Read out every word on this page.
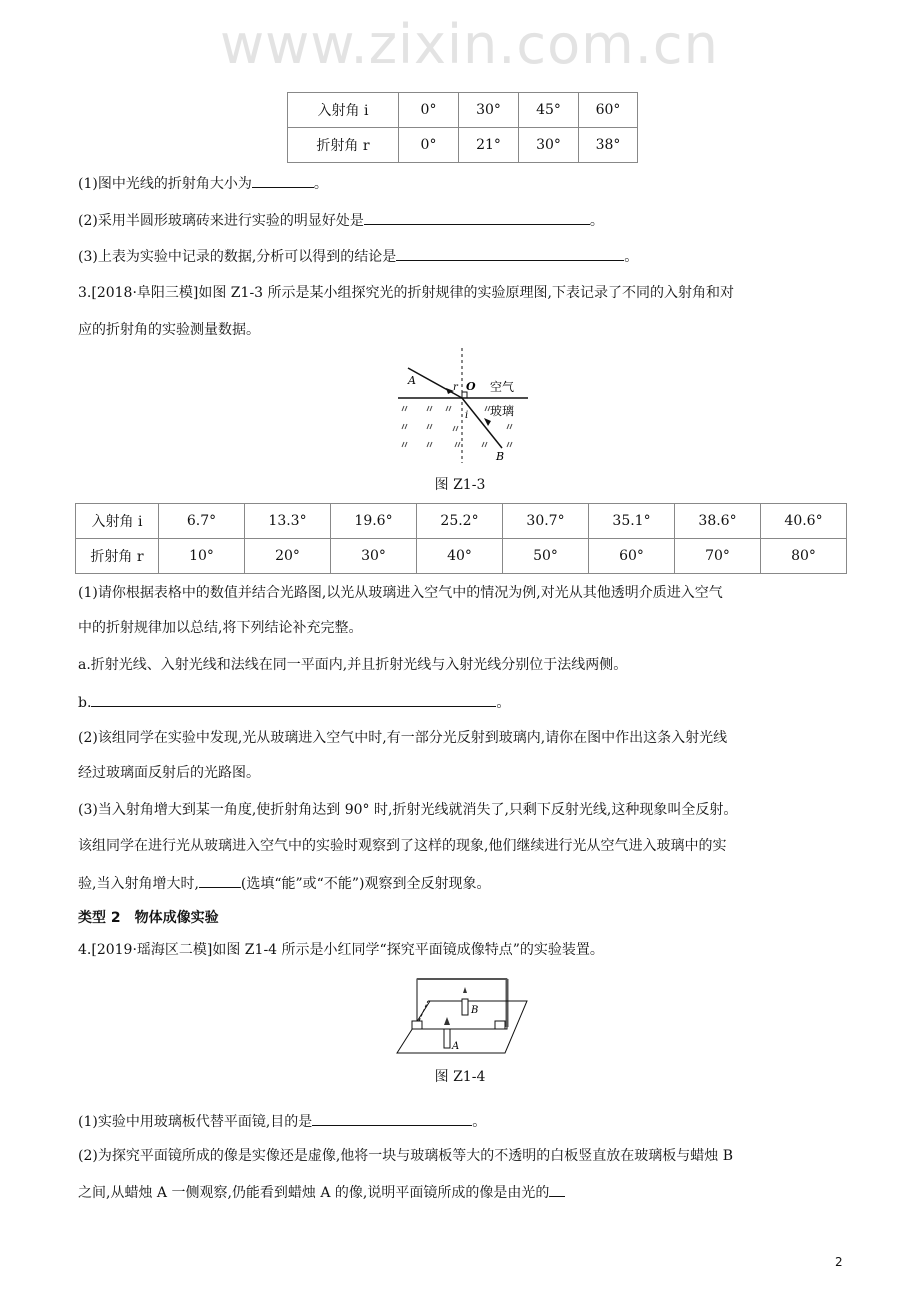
www.zixin.com.cn
入射角 i	0°	30°	45°	60°
折射角 r	0°	21°	30°	38°
(1)图中光线的折射角大小为	。
(2)采用半圆形玻璃砖来进行实验的明显好处是	。
(3)上表为实验中记录的数据,分析可以得到的结论是	。
3.[2018·阜阳三模]如图 Z1-3 所示是某小组探究光的折射规律的实验原理图,下表记录了不同的入射角和对
应的折射角的实验测量数据。
A
B
O
r
i
空气
玻璃
图 Z1-3
入射角 i	6.7°	13.3°	19.6°	25.2°	30.7°	35.1°	38.6°	40.6°
折射角 r	10°	20°	30°	40°	50°	60°	70°	80°
(1)请你根据表格中的数值并结合光路图,以光从玻璃进入空气中的情况为例,对光从其他透明介质进入空气
中的折射规律加以总结,将下列结论补充完整。
a.折射光线、入射光线和法线在同一平面内,并且折射光线与入射光线分别位于法线两侧。
b.	。
(2)该组同学在实验中发现,光从玻璃进入空气中时,有一部分光反射到玻璃内,请你在图中作出这条入射光线
经过玻璃面反射后的光路图。
(3)当入射角增大到某一角度,使折射角达到 90° 时,折射光线就消失了,只剩下反射光线,这种现象叫全反射。
该组同学在进行光从玻璃进入空气中的实验时观察到了这样的现象,他们继续进行光从空气进入玻璃中的实
验,当入射角增大时,	(选填“能”或“不能”)观察到全反射现象。
类型 2　物体成像实验
4.[2019·瑶海区二模]如图 Z1-4 所示是小红同学“探究平面镜成像特点”的实验装置。
B
A
图 Z1-4
(1)实验中用玻璃板代替平面镜,目的是	。
(2)为探究平面镜所成的像是实像还是虚像,他将一块与玻璃板等大的不透明的白板竖直放在玻璃板与蜡烛 B
之间,从蜡烛 A 一侧观察,仍能看到蜡烛 A 的像,说明平面镜所成的像是由光的
2
